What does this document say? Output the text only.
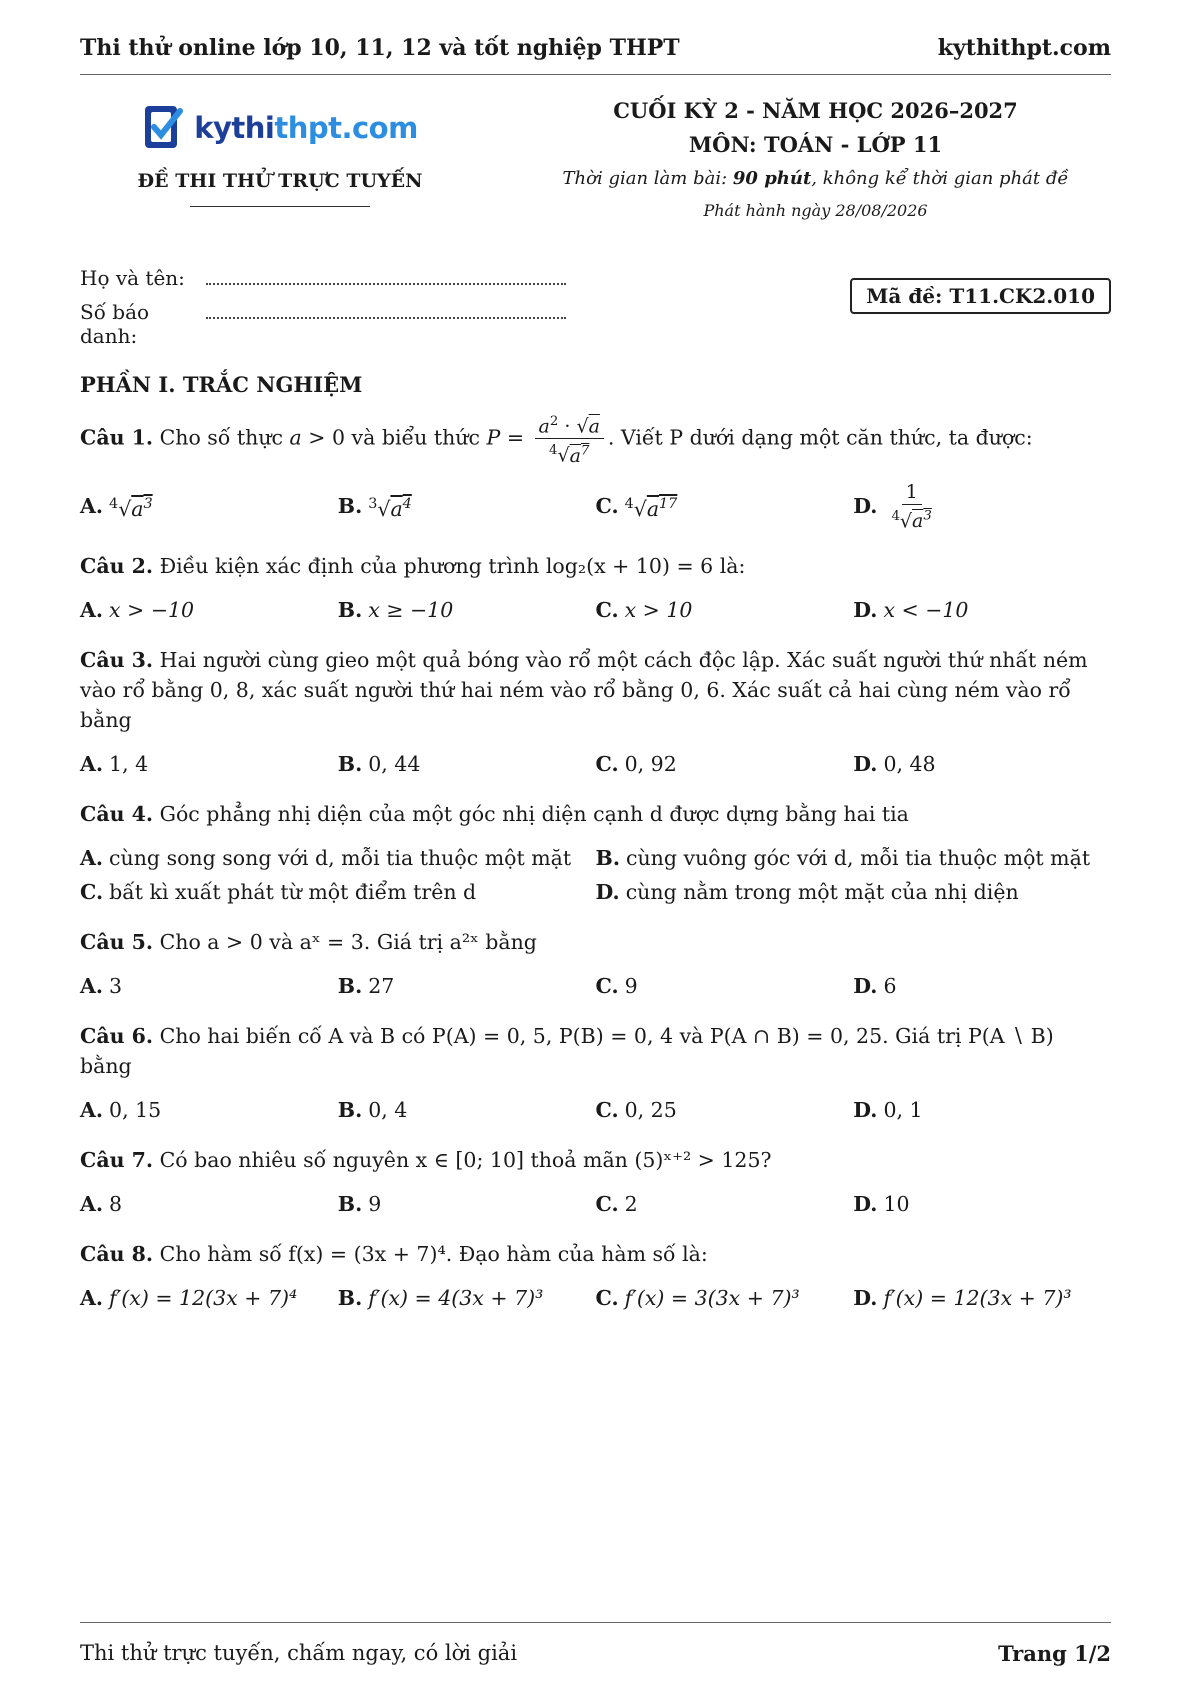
Thi thử online lớp 10, 11, 12 và tốt nghiệp THPT	kythithpt.com
kythithpt.com
ĐỀ THI THỬ TRỰC TUYẾN
CUỐI KỲ 2 - NĂM HỌC 2026–2027
MÔN: TOÁN - LỚP 11
Thời gian làm bài: 90 phút, không kể thời gian phát đề
Phát hành ngày 28/08/2026
Họ và tên:
Số báo danh:
Mã đề: T11.CK2.010
PHẦN I. TRẮC NGHIỆM
Câu 1. Cho số thực a > 0 và biểu thức $P = \frac{a^2 \cdot √a}{^4√a^7}$ . Viết P dưới dạng một căn thức, ta được:
A. $^4√a^3$	B. $^3√a^4$	C. $^4√a^{17}$	D. $\frac{1}{^4√a^3}$
Câu 2. Điều kiện xác định của phương trình log₂(x + 10) = 6 là:
A. x > −10	B. x ≥ −10	C. x > 10	D. x < −10
Câu 3. Hai người cùng gieo một quả bóng vào rổ một cách độc lập. Xác suất người thứ nhất ném vào rổ bằng 0, 8, xác suất người thứ hai ném vào rổ bằng 0, 6. Xác suất cả hai cùng ném vào rổ bằng
A. 1, 4	B. 0, 44	C. 0, 92	D. 0, 48
Câu 4. Góc phẳng nhị diện của một góc nhị diện cạnh d được dựng bằng hai tia
A. cùng song song với d, mỗi tia thuộc một mặt B. cùng vuông góc với d, mỗi tia thuộc một mặt
C. bất kì xuất phát từ một điểm trên d	D. cùng nằm trong một mặt của nhị diện
Câu 5. Cho a > 0 và aˣ = 3. Giá trị a²ˣ bằng
A. 3	B. 27	C. 9	D. 6
Câu 6. Cho hai biến cố A và B có P(A) = 0, 5, P(B) = 0, 4 và P(A ∩ B) = 0, 25. Giá trị P(A ∖ B) bằng
A. 0, 15	B. 0, 4	C. 0, 25	D. 0, 1
Câu 7. Có bao nhiêu số nguyên x ∈ [0; 10] thoả mãn (5)ˣ⁺² > 125?
A. 8	B. 9	C. 2	D. 10
Câu 8. Cho hàm số f(x) = (3x + 7)⁴. Đạo hàm của hàm số là:
A. f′(x) = 12(3x + 7)⁴ B. f′(x) = 4(3x + 7)³	C. f′(x) = 3(3x + 7)³	D. f′(x) = 12(3x + 7)³
Thi thử trực tuyến, chấm ngay, có lời giải	Trang 1/2
